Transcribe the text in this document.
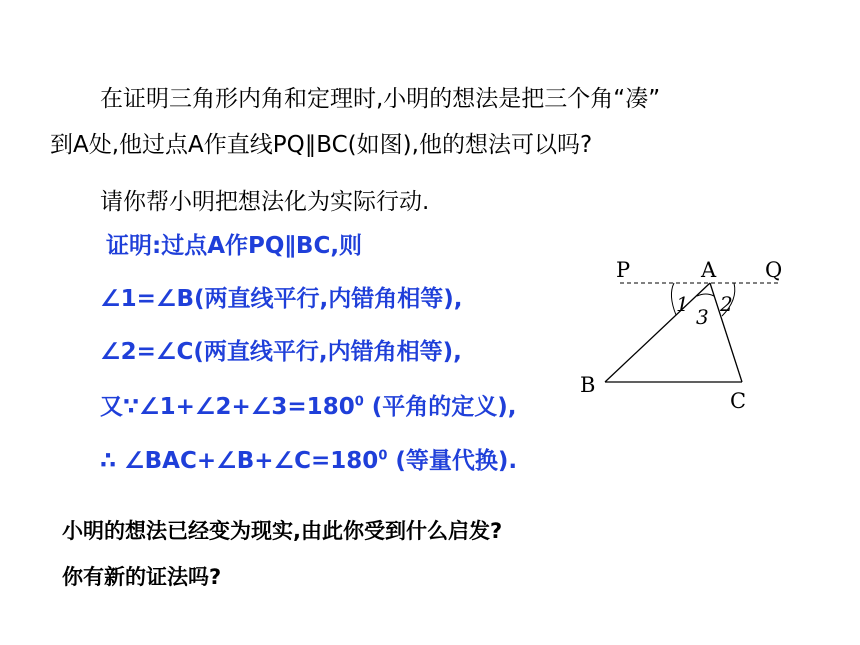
在证明三角形内角和定理时,小明的想法是把三个角“凑”
到A处,他过点A作直线PQ∥BC(如图),他的想法可以吗?
请你帮小明把想法化为实际行动.
证明:过点A作PQ∥BC,则
∠1=∠B(两直线平行,内错角相等),
∠2=∠C(两直线平行,内错角相等),
又$\because\angle 1+\angle 2+\angle 3=180^0$ (平角的定义),
∴ $\angle BAC+\angle B+\angle C=180^0$ (等量代换).
小明的想法已经变为现实,由此你受到什么启发?
你有新的证法吗?
P	A Q
B
C
1 2
3
